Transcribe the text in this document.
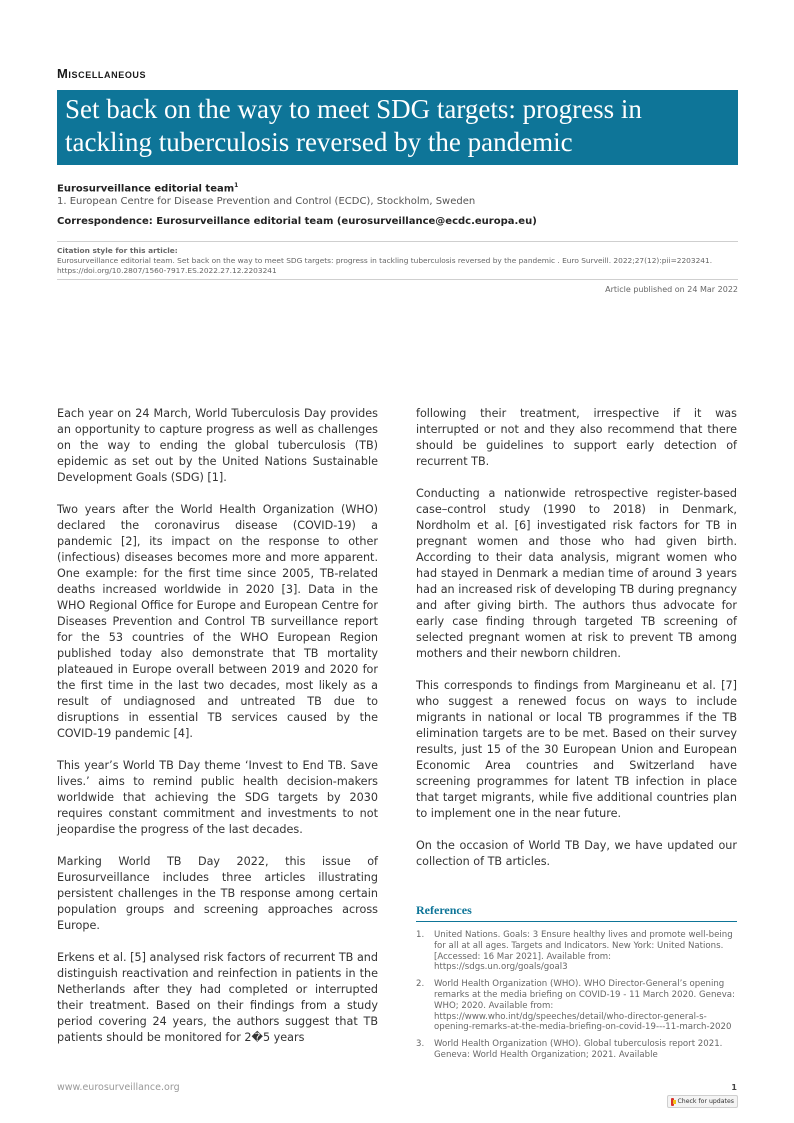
Miscellaneous
Set back on the way to meet SDG targets: progress in tackling tuberculosis reversed by the pandemic
Eurosurveillance editorial team$^1$
1. European Centre for Disease Prevention and Control (ECDC), Stockholm, Sweden
Correspondence: Eurosurveillance editorial team (eurosurveillance@ecdc.europa.eu)
Citation style for this article:
Eurosurveillance editorial team. Set back on the way to meet SDG targets: progress in tackling tuberculosis reversed by the pandemic . Euro Surveill. 2022;27(12):pii=2203241. https://doi.org/10.2807/1560-7917.ES.2022.27.12.2203241
Article published on 24 Mar 2022

Each year on 24 March, World Tuberculosis Day provides an opportunity to capture progress as well as challenges on the way to ending the global tuberculosis (TB) epidemic as set out by the United Nations Sustainable Development Goals (SDG) [1].

Two years after the World Health Organization (WHO) declared the coronavirus disease (COVID-19) a pandemic [2], its impact on the response to other (infectious) diseases becomes more and more apparent. One example: for the first time since 2005, TB-related deaths increased worldwide in 2020 [3]. Data in the WHO Regional Office for Europe and European Centre for Diseases Prevention and Control TB surveillance report for the 53 countries of the WHO European Region published today also demonstrate that TB mortality plateaued in Europe overall between 2019 and 2020 for the first time in the last two decades, most likely as a result of undiagnosed and untreated TB due to disruptions in essential TB services caused by the COVID-19 pandemic [4].

This year’s World TB Day theme ‘Invest to End TB. Save lives.’ aims to remind public health decision-makers worldwide that achieving the SDG targets by 2030 requires constant commitment and investments to not jeopardise the progress of the last decades.

Marking World TB Day 2022, this issue of Eurosurveillance includes three articles illustrating persistent challenges in the TB response among certain population groups and screening approaches across Europe.

Erkens et al. [5] analysed risk factors of recurrent TB and distinguish reactivation and reinfection in patients in the Netherlands after they had completed or interrupted their treatment. Based on their findings from a study period covering 24 years, the authors suggest that TB patients should be monitored for 2�5 years

following their treatment, irrespective if it was interrupted or not and they also recommend that there should be guidelines to support early detection of recurrent TB.

Conducting a nationwide retrospective register-based case–control study (1990 to 2018) in Denmark, Nordholm et al. [6] investigated risk factors for TB in pregnant women and those who had given birth. According to their data analysis, migrant women who had stayed in Denmark a median time of around 3 years had an increased risk of developing TB during pregnancy and after giving birth. The authors thus advocate for early case finding through targeted TB screening of selected pregnant women at risk to prevent TB among mothers and their newborn children.

This corresponds to findings from Margineanu et al. [7] who suggest a renewed focus on ways to include migrants in national or local TB programmes if the TB elimination targets are to be met. Based on their survey results, just 15 of the 30 European Union and European Economic Area countries and Switzerland have screening programmes for latent TB infection in place that target migrants, while five additional countries plan to implement one in the near future.

On the occasion of World TB Day, we have updated our collection of TB articles.

References
1. United Nations. Goals: 3 Ensure healthy lives and promote well-being for all at all ages. Targets and Indicators. New York: United Nations. [Accessed: 16 Mar 2021]. Available from: https://sdgs.un.org/goals/goal3
2. World Health Organization (WHO). WHO Director-General’s opening remarks at the media briefing on COVID-19 - 11 March 2020. Geneva: WHO; 2020. Available from: https://www.who.int/dg/speeches/detail/who-director-general-s-opening-remarks-at-the-media-briefing-on-covid-19---11-march-2020
3. World Health Organization (WHO). Global tuberculosis report 2021. Geneva: World Health Organization; 2021. Available
www.eurosurveillance.org	1
Check for updates
